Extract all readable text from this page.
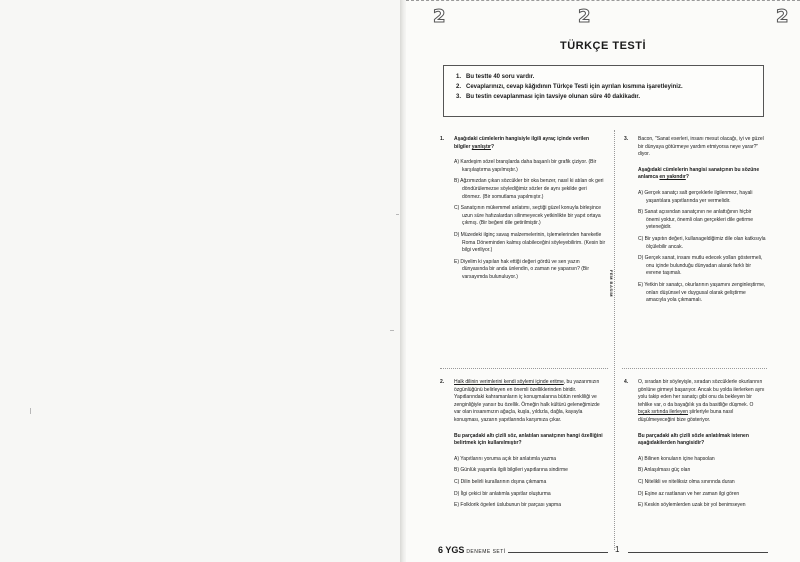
2	2	2
TÜRKÇE TESTİ
1. Bu testte 40 soru vardır.
2. Cevaplarınızı, cevap kâğıdının Türkçe Testi için ayrılan kısmına işaretleyiniz.
3. Bu testin cevaplanması için tavsiye olunan süre 40 dakikadır.
FEM BASIM
1. Aşağıdaki cümlelerin hangisiyle ilgili ayraç içinde verilen bilgiler yanlıştır?
A) Kardeşim sözel branşlarda daha başarılı bir grafik çiziyor. (Bir karşılaştırma yapılmıştır.)
B) Ağzımızdan çıkan sözcükler bir oka benzer, nasıl ki atılan ok geri döndürülemezse söylediğimiz sözler de aynı şekilde geri dönmez. (Bir somutlama yapılmıştır.)
C) Sanatçının mükemmel anlatımı, seçtiği güzel konuyla birleşince uzun süre hafızalardan silinmeyecek yetkinlikte bir yapıt ortaya çıkmış. (Bir beğeni dile getirilmiştir.)
D) Müzedeki ilginç savaş malzemelerinin, işlemelerinden hareketle Roma Döneminden kalmış olabileceğini söyleyebilirim. (Kesin bir bilgi veriliyor.)
E) Diyelim ki yapılan hak ettiği değeri gördü ve sen yazın dünyasında bir anda ünlendin, o zaman ne yaparsın? (Bir varsayımda bulunuluyor.)
3. Bacon, "Sanat eserleri, insanı mesut olacağı, iyi ve güzel bir dünyaya götürmeye yardım etmiyorsa neye yarar?" diyor.
Aşağıdaki cümlelerin hangisi sanatçının bu sözüne anlamca en yakındır?
A) Gerçek sanatçı salt gerçeklerle ilgilenmez, hayali yaşantılara yapıtlarında yer vermelidir.
B) Sanat açısından sanatçının ne anlattığının hiçbir önemi yoktur, önemli olan gerçekleri dile getirme yeteneğidir.
C) Bir yapıtın değeri, kullanageldiğimiz dile olan katkısıyla ölçülebilir ancak.
D) Gerçek sanat, insanı mutlu edecek yolları göstermeli, onu içinde bulunduğu dünyadan alarak farklı bir evrene taşımalı.
E) Yetkin bir sanatçı, okurlarının yaşamını zenginleştirme, onları düşünsel ve duygusal olarak geliştirme amacıyla yola çıkmamalı.
2. Halk dilinin verimlerini kendi söylemi içinde eritme, bu yazarımızın özgünlüğünü belirleyen en önemli özelliklerinden biridir. Yapıtlarındaki kahramanların iç konuşmalarına bütün renkliliği ve zenginliğiyle yansır bu özellik. Örneğin halk kültürü geleneğimizde var olan insanımızın ağaçla, kuşla, yıldızla, dağla, kayayla konuşması, yazarın yapıtlarında karşımıza çıkar.
Bu parçadaki altı çizili söz, anlatılan sanatçının hangi özelliğini belirtmek için kullanılmıştır?
A) Yapıtlarını yoruma açık bir anlatımla yazma
B) Günlük yaşamla ilgili bilgileri yapıtlarına sindirme
C) Dilin belirli kurallarının dışına çıkmama
D) İlgi çekici bir anlatımla yapıtlar oluşturma
E) Folklorik ögeleri üslubunun bir parçası yapma
4. O, sıradan bir söyleyişle, sıradan sözcüklerle okurlarının gönlüne girmeyi başarıyor. Ancak bu yolda ilerlerken aynı yolu takip eden her sanatçı gibi onu da bekleyen bir tehlike var, o da bayağılık ya da basitliğe düşmek. O bıçak sırtında ilerleyen şiirleriyle buna nasıl düşülmeyeceğini bize gösteriyor.
Bu parçadaki altı çizili sözle anlatılmak istenen aşağıdakilerden hangisidir?
A) Bilinen konuların içine hapsolan
B) Anlaşılması güç olan
C) Nitelikli ve niteliksiz olma sınırında duran
D) Eşine az rastlanan ve her zaman ilgi gören
E) Keskin söylemlerden uzak bir yol benimseyen
6 YGS DENEME SETİ	1
